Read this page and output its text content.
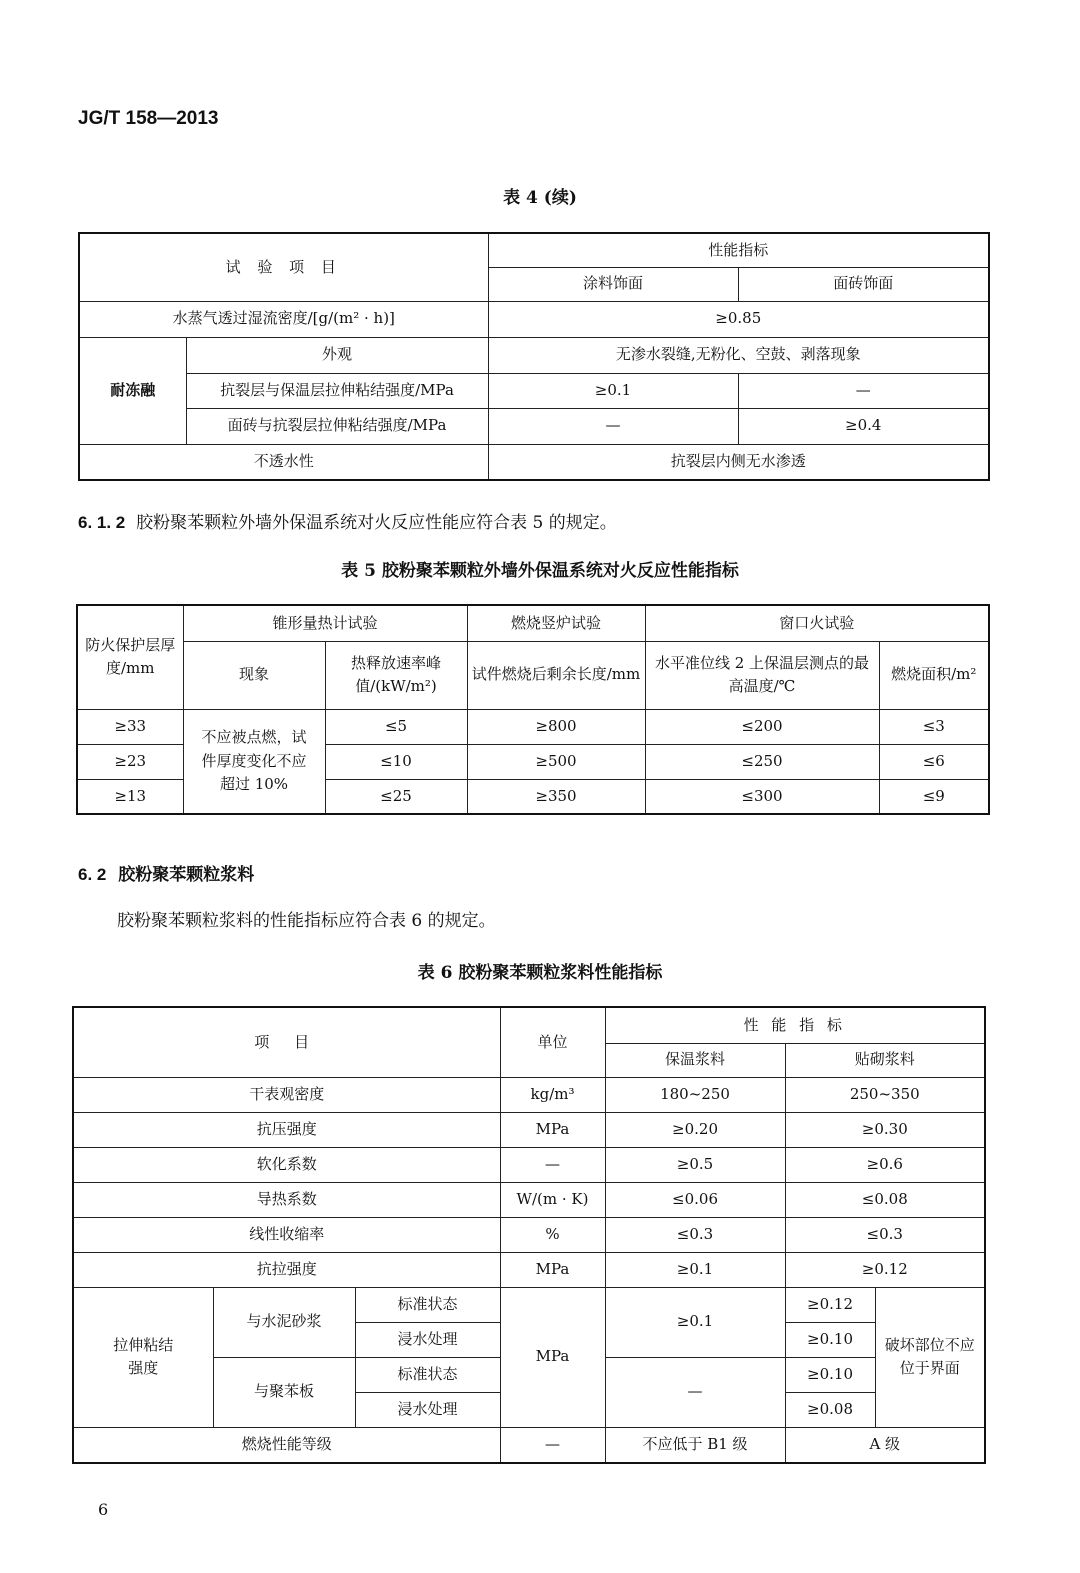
JG/T 158—2013
表 4 (续)
试 验 项 目		性能指标	
		涂料饰面	面砖饰面
水蒸气透过湿流密度/[g/(m² · h)]		≥0.85	
耐冻融	外观	无渗水裂缝,无粉化、空鼓、剥落现象	
	抗裂层与保温层拉伸粘结强度/MPa	≥0.1	—
	面砖与抗裂层拉伸粘结强度/MPa	—	≥0.4
不透水性		抗裂层内侧无水渗透	
6. 1. 2 胶粉聚苯颗粒外墙外保温系统对火反应性能应符合表 5 的规定。
表 5 胶粉聚苯颗粒外墙外保温系统对火反应性能指标
防火保护层厚度/mm	锥形量热计试验		燃烧竖炉试验	窗口火试验	
	现象	热释放速率峰值/(kW/m²)	试件燃烧后剩余长度/mm	水平准位线 2 上保温层测点的最高温度/℃	燃烧面积/m²
≥33	不应被点燃，试件厚度变化不应超过 10%	≤5	≥800	≤200	≤3
≥23		≤10	≥500	≤250	≤6
≥13		≤25	≥350	≤300	≤9
6. 2 胶粉聚苯颗粒浆料
胶粉聚苯颗粒浆料的性能指标应符合表 6 的规定。
表 6 胶粉聚苯颗粒浆料性能指标
项 目			单位	性 能 指 标		
				保温浆料	贴砌浆料	
干表观密度			kg/m³	180~250	250~350	
抗压强度			MPa	≥0.20	≥0.30	
软化系数			—	≥0.5	≥0.6	
导热系数			W/(m · K)	≤0.06	≤0.08	
线性收缩率			%	≤0.3	≤0.3	
抗拉强度			MPa	≥0.1	≥0.12	
拉伸粘结强度	与水泥砂浆	标准状态	MPa	≥0.1	≥0.12	破坏部位不应位于界面
		浸水处理			≥0.10	
	与聚苯板	标准状态		—	≥0.10	
		浸水处理			≥0.08	
燃烧性能等级			—	不应低于 B1 级	A 级	
6
